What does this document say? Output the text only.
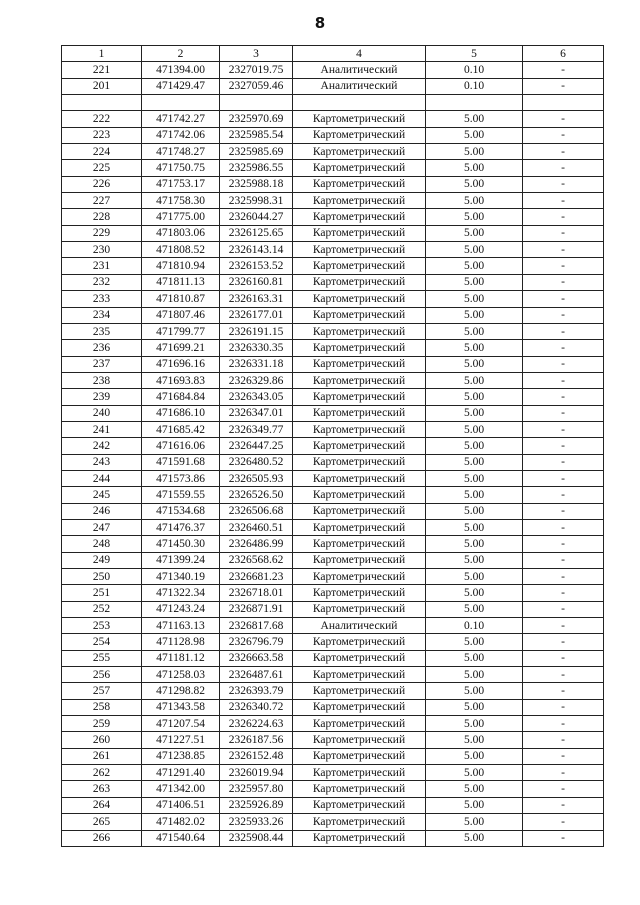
8
1	2	3	4	5	6
221	471394.00	2327019.75	Аналитический	0.10	-
201	471429.47	2327059.46	Аналитический	0.10	-

222	471742.27	2325970.69	Картометрический	5.00	-
223	471742.06	2325985.54	Картометрический	5.00	-
224	471748.27	2325985.69	Картометрический	5.00	-
225	471750.75	2325986.55	Картометрический	5.00	-
226	471753.17	2325988.18	Картометрический	5.00	-
227	471758.30	2325998.31	Картометрический	5.00	-
228	471775.00	2326044.27	Картометрический	5.00	-
229	471803.06	2326125.65	Картометрический	5.00	-
230	471808.52	2326143.14	Картометрический	5.00	-
231	471810.94	2326153.52	Картометрический	5.00	-
232	471811.13	2326160.81	Картометрический	5.00	-
233	471810.87	2326163.31	Картометрический	5.00	-
234	471807.46	2326177.01	Картометрический	5.00	-
235	471799.77	2326191.15	Картометрический	5.00	-
236	471699.21	2326330.35	Картометрический	5.00	-
237	471696.16	2326331.18	Картометрический	5.00	-
238	471693.83	2326329.86	Картометрический	5.00	-
239	471684.84	2326343.05	Картометрический	5.00	-
240	471686.10	2326347.01	Картометрический	5.00	-
241	471685.42	2326349.77	Картометрический	5.00	-
242	471616.06	2326447.25	Картометрический	5.00	-
243	471591.68	2326480.52	Картометрический	5.00	-
244	471573.86	2326505.93	Картометрический	5.00	-
245	471559.55	2326526.50	Картометрический	5.00	-
246	471534.68	2326506.68	Картометрический	5.00	-
247	471476.37	2326460.51	Картометрический	5.00	-
248	471450.30	2326486.99	Картометрический	5.00	-
249	471399.24	2326568.62	Картометрический	5.00	-
250	471340.19	2326681.23	Картометрический	5.00	-
251	471322.34	2326718.01	Картометрический	5.00	-
252	471243.24	2326871.91	Картометрический	5.00	-
253	471163.13	2326817.68	Аналитический	0.10	-
254	471128.98	2326796.79	Картометрический	5.00	-
255	471181.12	2326663.58	Картометрический	5.00	-
256	471258.03	2326487.61	Картометрический	5.00	-
257	471298.82	2326393.79	Картометрический	5.00	-
258	471343.58	2326340.72	Картометрический	5.00	-
259	471207.54	2326224.63	Картометрический	5.00	-
260	471227.51	2326187.56	Картометрический	5.00	-
261	471238.85	2326152.48	Картометрический	5.00	-
262	471291.40	2326019.94	Картометрический	5.00	-
263	471342.00	2325957.80	Картометрический	5.00	-
264	471406.51	2325926.89	Картометрический	5.00	-
265	471482.02	2325933.26	Картометрический	5.00	-
266	471540.64	2325908.44	Картометрический	5.00	-
